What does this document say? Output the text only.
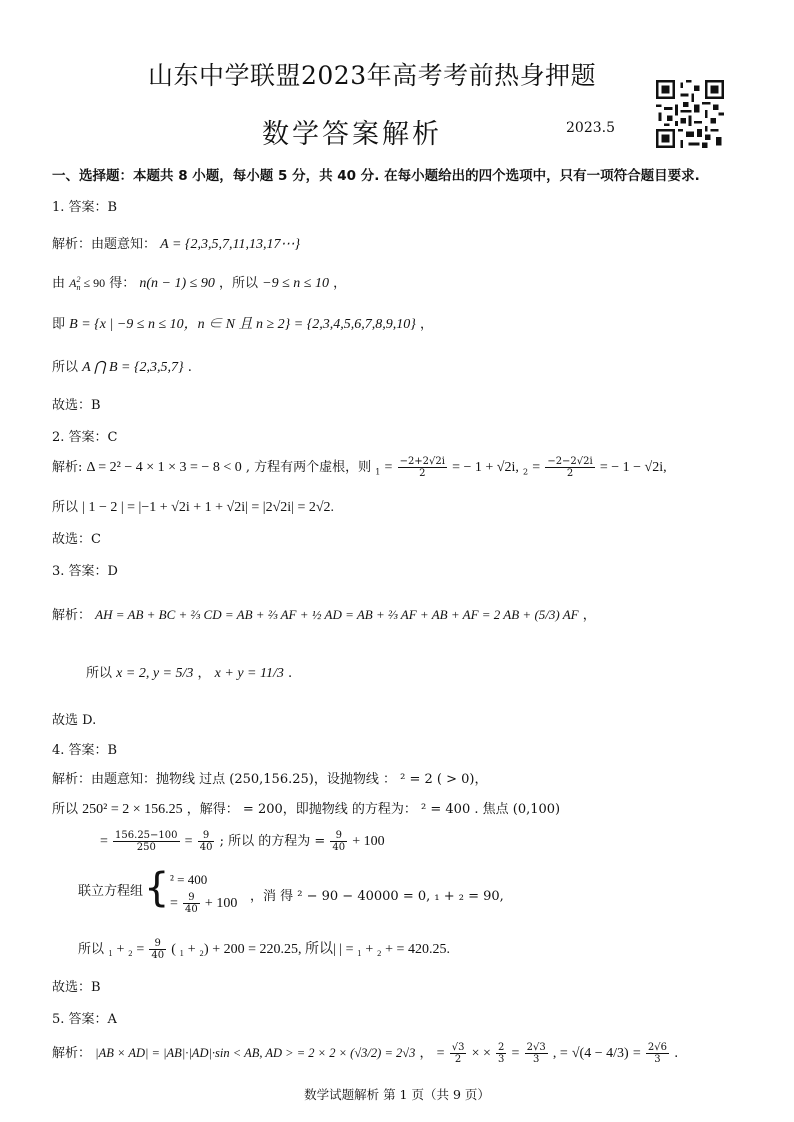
山东中学联盟2023年高考考前热身押题
数学答案解析	2023.5
一、选择题：本题共 8 小题，每小题 5 分，共 40 分. 在每小题给出的四个选项中，只有一项符合题目要求.
1. 答案：B
解析：由题意知： A = {2,3,5,7,11,13,17⋯}
由 $A^2_n \le 90$ 得： n(n − 1) ≤ 90 ，所以 −9 ≤ n ≤ 10 ，
即 B = {x | −9 ≤ n ≤ 10，n ∈ N 且 n ≥ 2} = {2,3,4,5,6,7,8,9,10} ，
所以 A ⋂ B = {2,3,5,7} .
故选：B
2. 答案：C
解析: Δ = 2² − 4 × 1 × 3 = − 8 < 0 , 方程有两个虚根，则 $_1 = \frac{-2+2√2i}{2}$ = − 1 + √2i, $_2 = \frac{-2-2√2i}{2}$ = − 1 − √2i,
所以 | 1 − 2 | = |−1 + √2i + 1 + √2i| = |2√2i| = 2√2.
故选：C
3. 答案：D
解析： AH = AB + BC + ⅔ CD = AB + ⅔ AF + ½ AD = AB + ⅔ AF + AB + AF = 2 AB + (5/3) AF ，
所以 x = 2, y = 5/3 ， x + y = 11/3 .
故选 D.
4. 答案：B
解析：由题意知：抛物线 过点 (250,156.25)，设抛物线 ： ² = 2 ( > 0)，
所以 250² = 2 × 156.25 ，解得： = 200，即抛物线 的方程为： ² = 400 . 焦点 (0,100)
= $\frac{156.25-100}{250} = \frac{9}{40}$ ; 所以 的方程为 = $\frac{9}{40} + 100$
联立方程组 { ² = 400
= $\frac{9}{40} + 100$ ，消 得 ² − 90 − 40000 = 0, ₁ + ₂ = 90,
所以 $_1 + _2 = \frac{9}{40}$ ( ₁ + ₂) + 200 = 220.25, 所以| | = ₁ + ₂ + = 420.25.
故选：B
5. 答案：A
解析： |AB × AD| = |AB|·|AD|·sin < AB, AD > = 2 × 2 × (√3/2) = 2√3 ， = $\frac{√3}{2}$ × × $\frac{2}{3} = \frac{2√3}{3}$ , = $√(4 - 4/3) = \frac{2√6}{3}$ .
数学试题解析 第 1 页（共 9 页）
